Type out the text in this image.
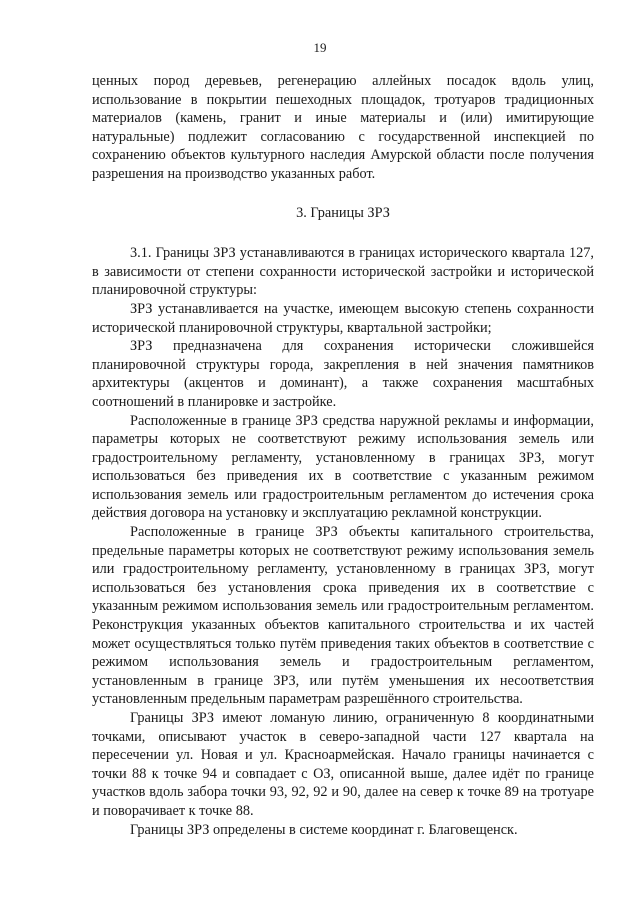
19

ценных пород деревьев, регенерацию аллейных посадок вдоль улиц, использование в покрытии пешеходных площадок, тротуаров традиционных материалов (камень, гранит и иные материалы и (или) имитирующие натуральные) подлежит согласованию с государственной инспекцией по сохранению объектов культурного наследия Амурской области после получения разрешения на производство указанных работ.

3. Границы ЗРЗ

3.1. Границы ЗРЗ устанавливаются в границах исторического квартала 127, в зависимости от степени сохранности исторической застройки и исторической планировочной структуры:

ЗРЗ устанавливается на участке, имеющем высокую степень сохранности исторической планировочной структуры, квартальной застройки;

ЗРЗ предназначена для сохранения исторически сложившейся планировочной структуры города, закрепления в ней значения памятников архитектуры (акцентов и доминант), а также сохранения масштабных соотношений в планировке и застройке.

Расположенные в границе ЗРЗ средства наружной рекламы и информации, параметры которых не соответствуют режиму использования земель или градостроительному регламенту, установленному в границах ЗРЗ, могут использоваться без приведения их в соответствие с указанным режимом использования земель или градостроительным регламентом до истечения срока действия договора на установку и эксплуатацию рекламной конструкции.

Расположенные в границе ЗРЗ объекты капитального строительства, предельные параметры которых не соответствуют режиму использования земель или градостроительному регламенту, установленному в границах ЗРЗ, могут использоваться без установления срока приведения их в соответствие с указанным режимом использования земель или градостроительным регламентом. Реконструкция указанных объектов капитального строительства и их частей может осуществляться только путём приведения таких объектов в соответствие с режимом использования земель и градостроительным регламентом, установленным в границе ЗРЗ, или путём уменьшения их несоответствия установленным предельным параметрам разрешённого строительства.

Границы ЗРЗ имеют ломаную линию, ограниченную 8 координатными точками, описывают участок в северо-западной части 127 квартала на пересечении ул. Новая и ул. Красноармейская. Начало границы начинается с точки 88 к точке 94 и совпадает с ОЗ, описанной выше, далее идёт по границе участков вдоль забора точки 93, 92, 92 и 90, далее на север к точке 89 на тротуаре и поворачивает к точке 88.

Границы ЗРЗ определены в системе координат г. Благовещенск.
